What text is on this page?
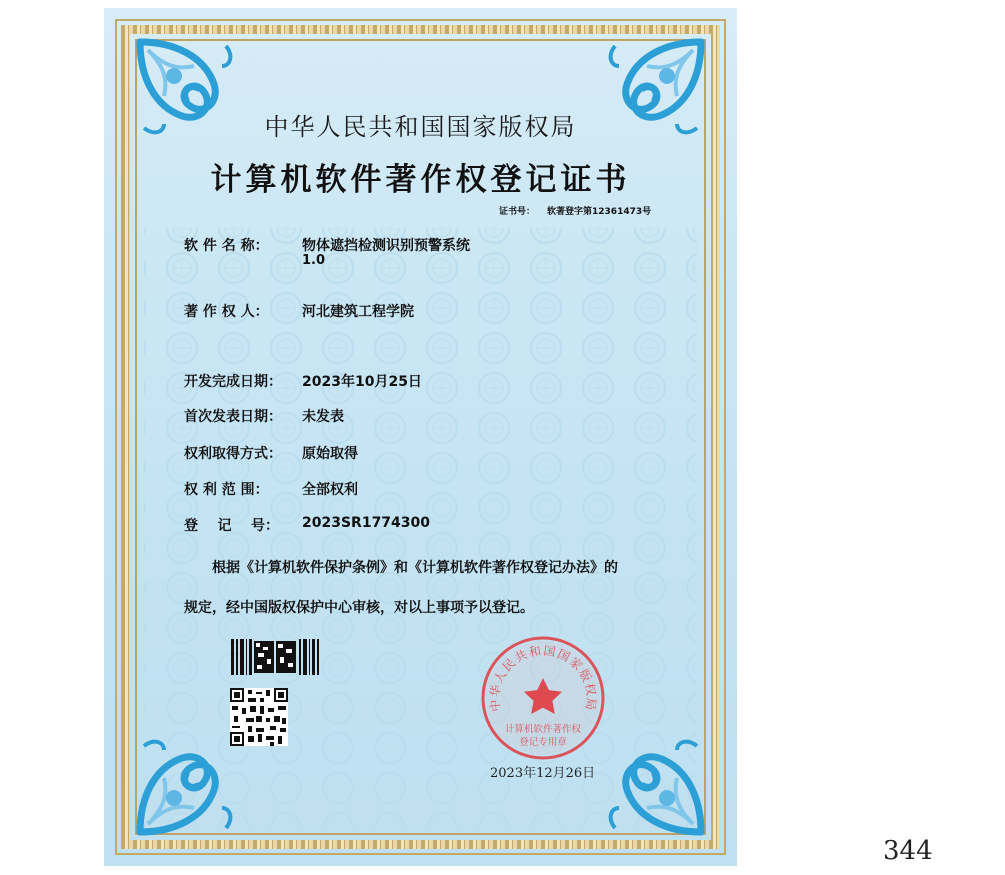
中华人民共和国国家版权局
计算机软件著作权登记证书
证书号： 软著登字第12361473号
软 件 名 称： 物体遮挡检测识别预警系统
1.0
著 作 权 人： 河北建筑工程学院
开发完成日期： 2023年10月25日
首次发表日期： 未发表
权利取得方式： 原始取得
权 利 范 围： 全部权利
登    记    号： 2023SR1774300
根据《计算机软件保护条例》和《计算机软件著作权登记办法》的
规定，经中国版权保护中心审核，对以上事项予以登记。
中华人民共和国国家版权局
计算机软件著作权
登记专用章
2023年12月26日
344
